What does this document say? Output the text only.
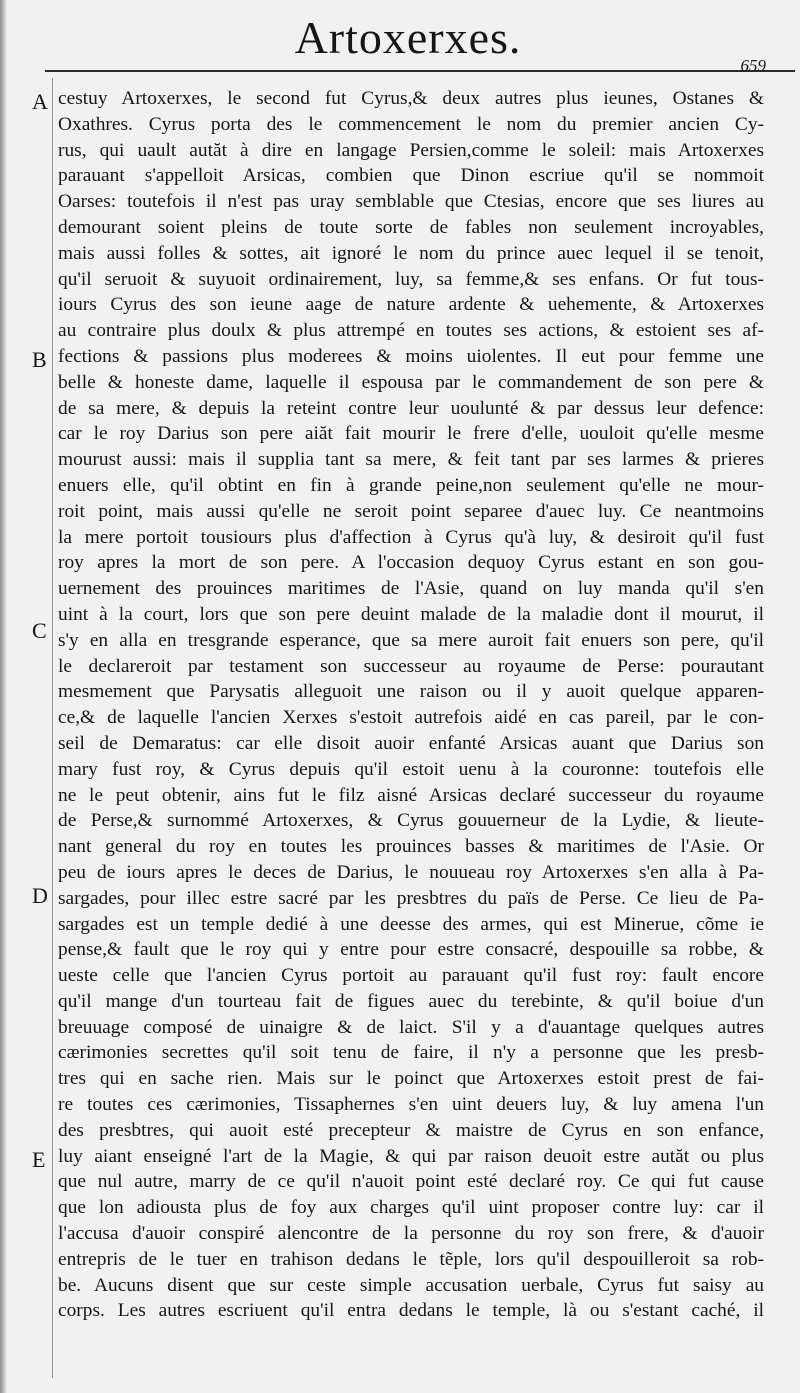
Artoxerxes.
659
A
B
C
D
E
cestuy Artoxerxes, le second fut Cyrus,& deux autres plus ieunes, Ostanes &
Oxathres. Cyrus porta des le commencement le nom du premier ancien Cy-
rus, qui uault autăt à dire en langage Persien,comme le soleil: mais Artoxerxes
parauant s'appelloit Arsicas, combien que Dinon escriue qu'il se nommoit
Oarses: toutefois il n'est pas uray semblable que Ctesias, encore que ses liures au
demourant soient pleins de toute sorte de fables non seulement incroyables,
mais aussi folles & sottes, ait ignoré le nom du prince auec lequel il se tenoit,
qu'il seruoit & suyuoit ordinairement, luy, sa femme,& ses enfans. Or fut tous-
iours Cyrus des son ieune aage de nature ardente & uehemente, & Artoxerxes
au contraire plus doulx & plus attrempé en toutes ses actions, & estoient ses af-
fections & passions plus moderees & moins uiolentes. Il eut pour femme une
belle & honeste dame, laquelle il espousa par le commandement de son pere &
de sa mere, & depuis la reteint contre leur uoulunté & par dessus leur defence:
car le roy Darius son pere aiăt fait mourir le frere d'elle, uouloit qu'elle mesme
mourust aussi: mais il supplia tant sa mere, & feit tant par ses larmes & prieres
enuers elle, qu'il obtint en fin à grande peine,non seulement qu'elle ne mour-
roit point, mais aussi qu'elle ne seroit point separee d'auec luy. Ce neantmoins
la mere portoit tousiours plus d'affection à Cyrus qu'à luy, & desiroit qu'il fust
roy apres la mort de son pere. A l'occasion dequoy Cyrus estant en son gou-
uernement des prouinces maritimes de l'Asie, quand on luy manda qu'il s'en
uint à la court, lors que son pere deuint malade de la maladie dont il mourut, il
s'y en alla en tresgrande esperance, que sa mere auroit fait enuers son pere, qu'il
le declareroit par testament son successeur au royaume de Perse: pourautant
mesmement que Parysatis alleguoit une raison ou il y auoit quelque apparen-
ce,& de laquelle l'ancien Xerxes s'estoit autrefois aidé en cas pareil, par le con-
seil de Demaratus: car elle disoit auoir enfanté Arsicas auant que Darius son
mary fust roy, & Cyrus depuis qu'il estoit uenu à la couronne: toutefois elle
ne le peut obtenir, ains fut le filz aisné Arsicas declaré successeur du royaume
de Perse,& surnommé Artoxerxes, & Cyrus gouuerneur de la Lydie, & lieute-
nant general du roy en toutes les prouinces basses & maritimes de l'Asie. Or
peu de iours apres le deces de Darius, le nouueau roy Artoxerxes s'en alla à Pa-
sargades, pour illec estre sacré par les presbtres du païs de Perse. Ce lieu de Pa-
sargades est un temple dedié à une deesse des armes, qui est Minerue, cõme ie
pense,& fault que le roy qui y entre pour estre consacré, despouille sa robbe, &
ueste celle que l'ancien Cyrus portoit au parauant qu'il fust roy: fault encore
qu'il mange d'un tourteau fait de figues auec du terebinte, & qu'il boiue d'un
breuuage composé de uinaigre & de laict. S'il y a d'auantage quelques autres
cærimonies secrettes qu'il soit tenu de faire, il n'y a personne que les presb-
tres qui en sache rien. Mais sur le poinct que Artoxerxes estoit prest de fai-
re toutes ces cærimonies, Tissaphernes s'en uint deuers luy, & luy amena l'un
des presbtres, qui auoit esté precepteur & maistre de Cyrus en son enfance,
luy aiant enseigné l'art de la Magie, & qui par raison deuoit estre autăt ou plus
que nul autre, marry de ce qu'il n'auoit point esté declaré roy. Ce qui fut cause
que lon adiousta plus de foy aux charges qu'il uint proposer contre luy: car il
l'accusa d'auoir conspiré alencontre de la personne du roy son frere, & d'auoir
entrepris de le tuer en trahison dedans le tẽple, lors qu'il despouilleroit sa rob-
be. Aucuns disent que sur ceste simple accusation uerbale, Cyrus fut saisy au
corps. Les autres escriuent qu'il entra dedans le temple, là ou s'estant caché, il
